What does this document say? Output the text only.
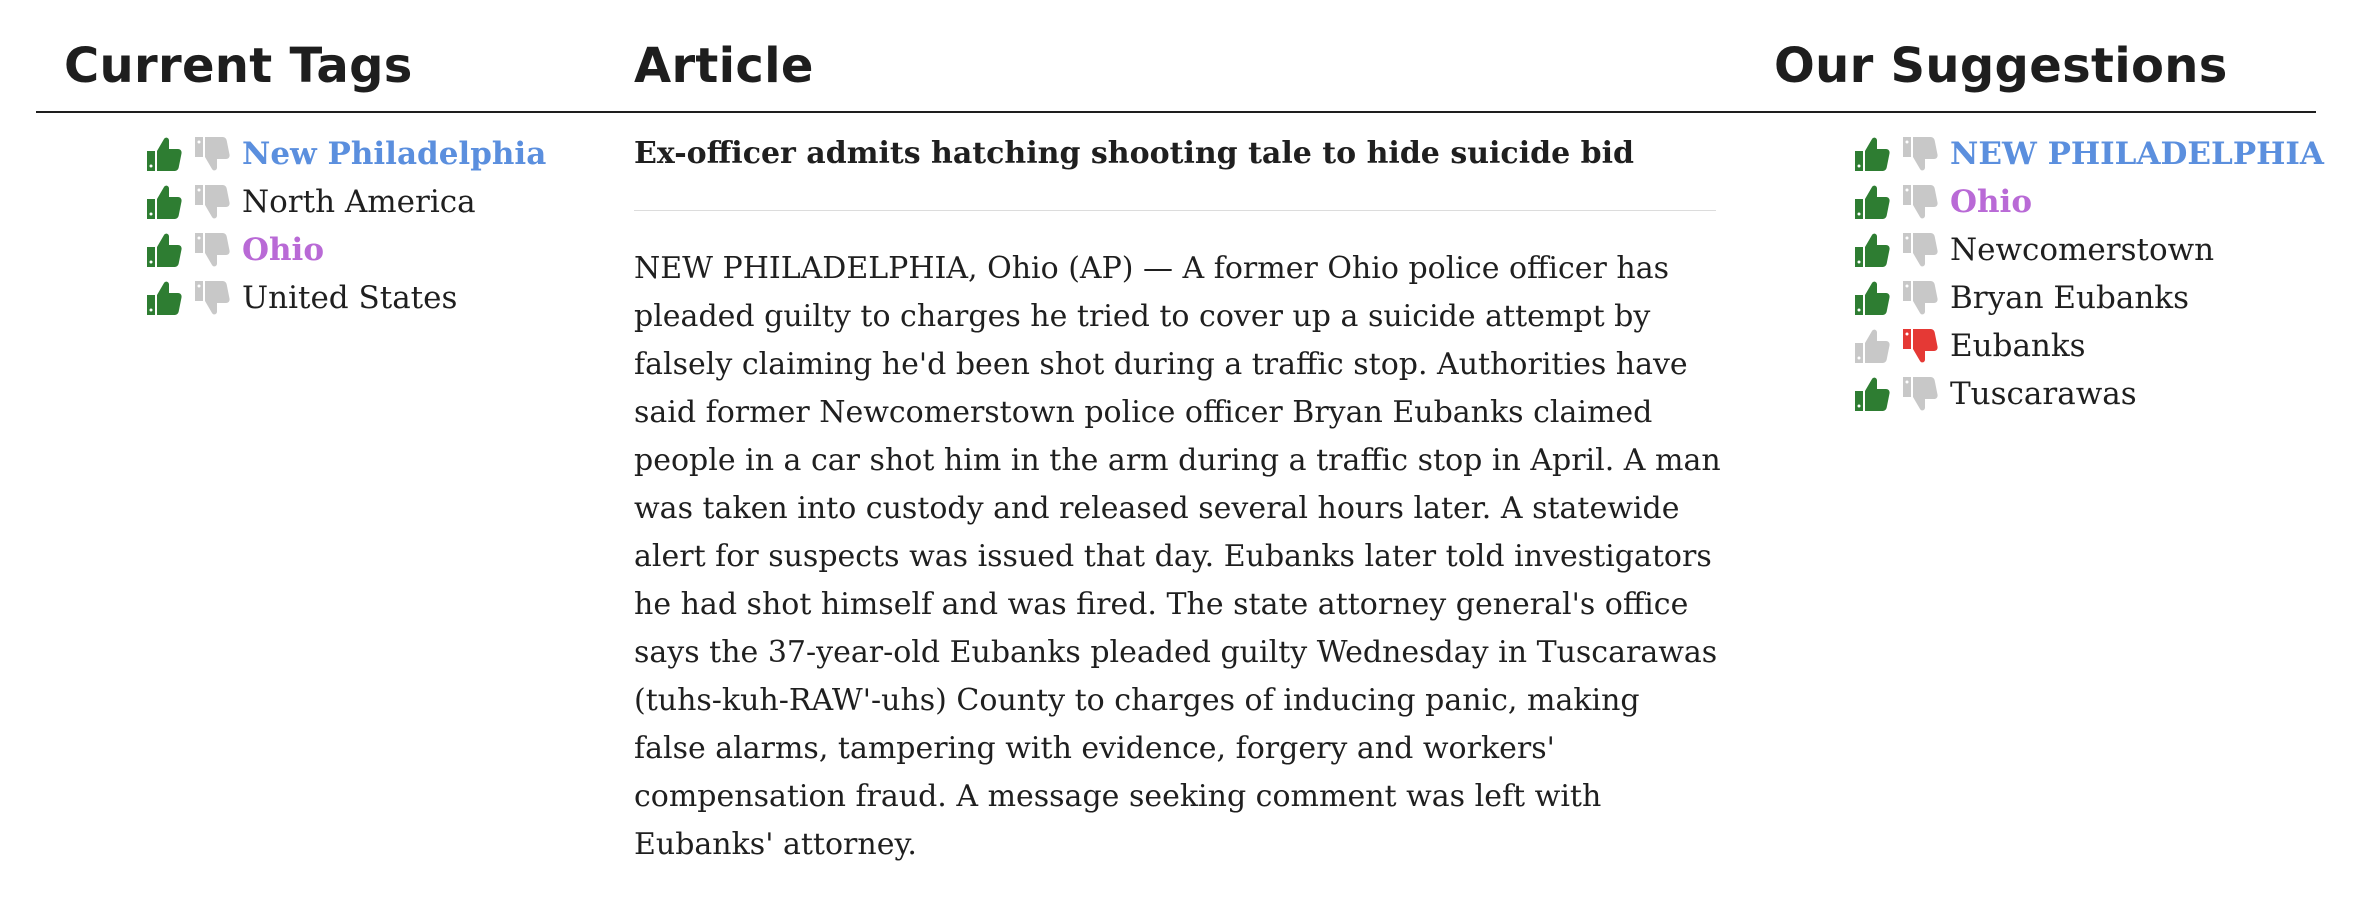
Current Tags	Article	Our Suggestions
New Philadelphia
North America
Ohio
United States
Ex-officer admits hatching shooting tale to hide suicide bid

NEW PHILADELPHIA, Ohio (AP) — A former Ohio police officer has
pleaded guilty to charges he tried to cover up a suicide attempt by
falsely claiming he'd been shot during a traffic stop. Authorities have
said former Newcomerstown police officer Bryan Eubanks claimed
people in a car shot him in the arm during a traffic stop in April. A man
was taken into custody and released several hours later. A statewide
alert for suspects was issued that day. Eubanks later told investigators
he had shot himself and was fired. The state attorney general's office
says the 37-year-old Eubanks pleaded guilty Wednesday in Tuscarawas
(tuhs-kuh-RAW'-uhs) County to charges of inducing panic, making
false alarms, tampering with evidence, forgery and workers'
compensation fraud. A message seeking comment was left with
Eubanks' attorney.

NEW PHILADELPHIA
Ohio
Newcomerstown
Bryan Eubanks
Eubanks
Tuscarawas
